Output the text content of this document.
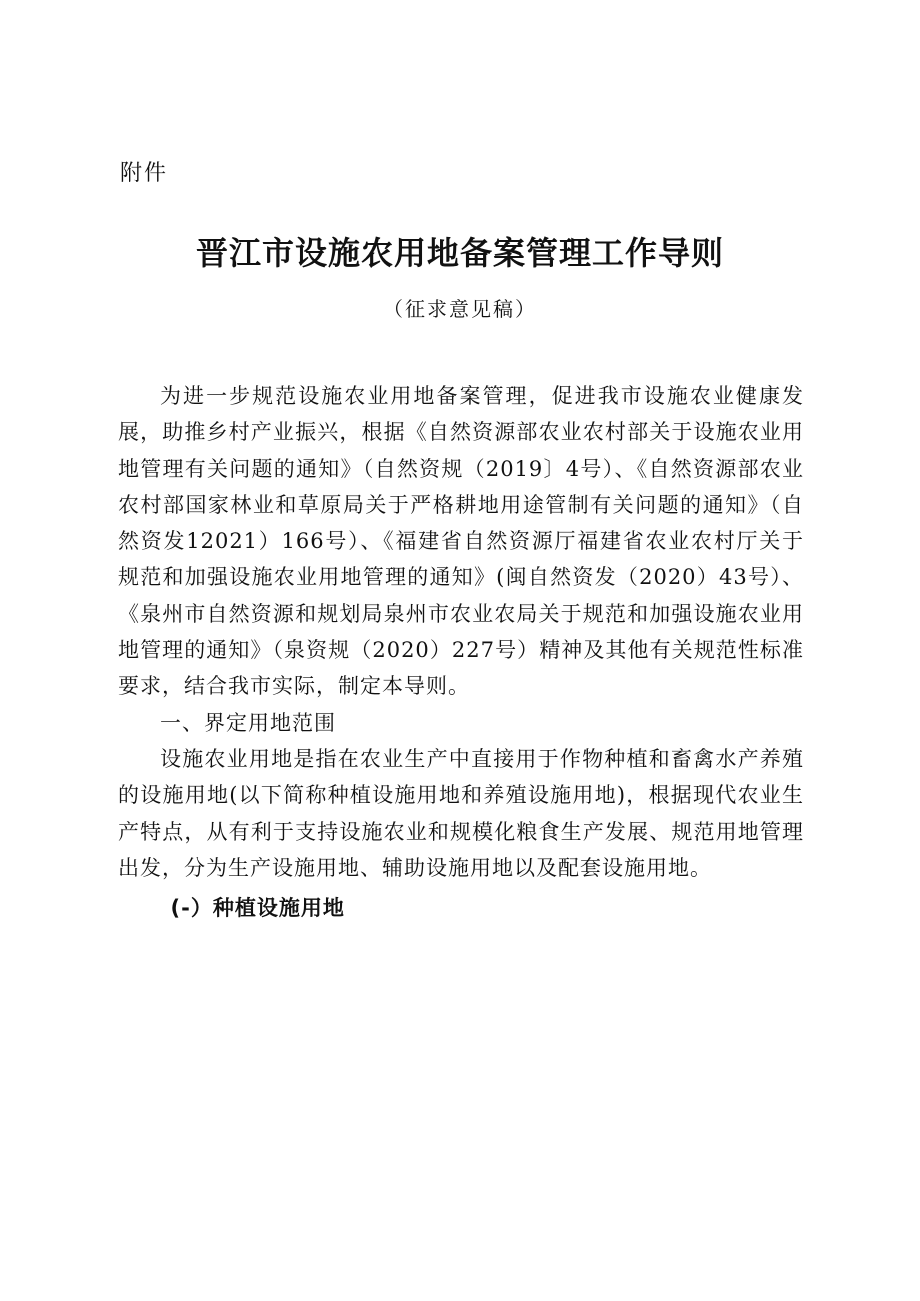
附件
晋江市设施农用地备案管理工作导则
（征求意见稿）

为进一步规范设施农业用地备案管理，促进我市设施农业健康发展，助推乡村产业振兴，根据《自然资源部农业农村部关于设施农业用地管理有关问题的通知》（自然资规（2019〕4号）、《自然资源部农业农村部国家林业和草原局关于严格耕地用途管制有关问题的通知》（自然资发12021）166号）、《福建省自然资源厅福建省农业农村厅关于规范和加强设施农业用地管理的通知》(闽自然资发（2020）43号）、《泉州市自然资源和规划局泉州市农业农局关于规范和加强设施农业用地管理的通知》（泉资规（2020）227号）精神及其他有关规范性标准要求，结合我市实际，制定本导则。

一、界定用地范围

设施农业用地是指在农业生产中直接用于作物种植和畜禽水产养殖的设施用地(以下简称种植设施用地和养殖设施用地)，根据现代农业生产特点，从有利于支持设施农业和规模化粮食生产发展、规范用地管理出发，分为生产设施用地、辅助设施用地以及配套设施用地。

(-）种植设施用地
